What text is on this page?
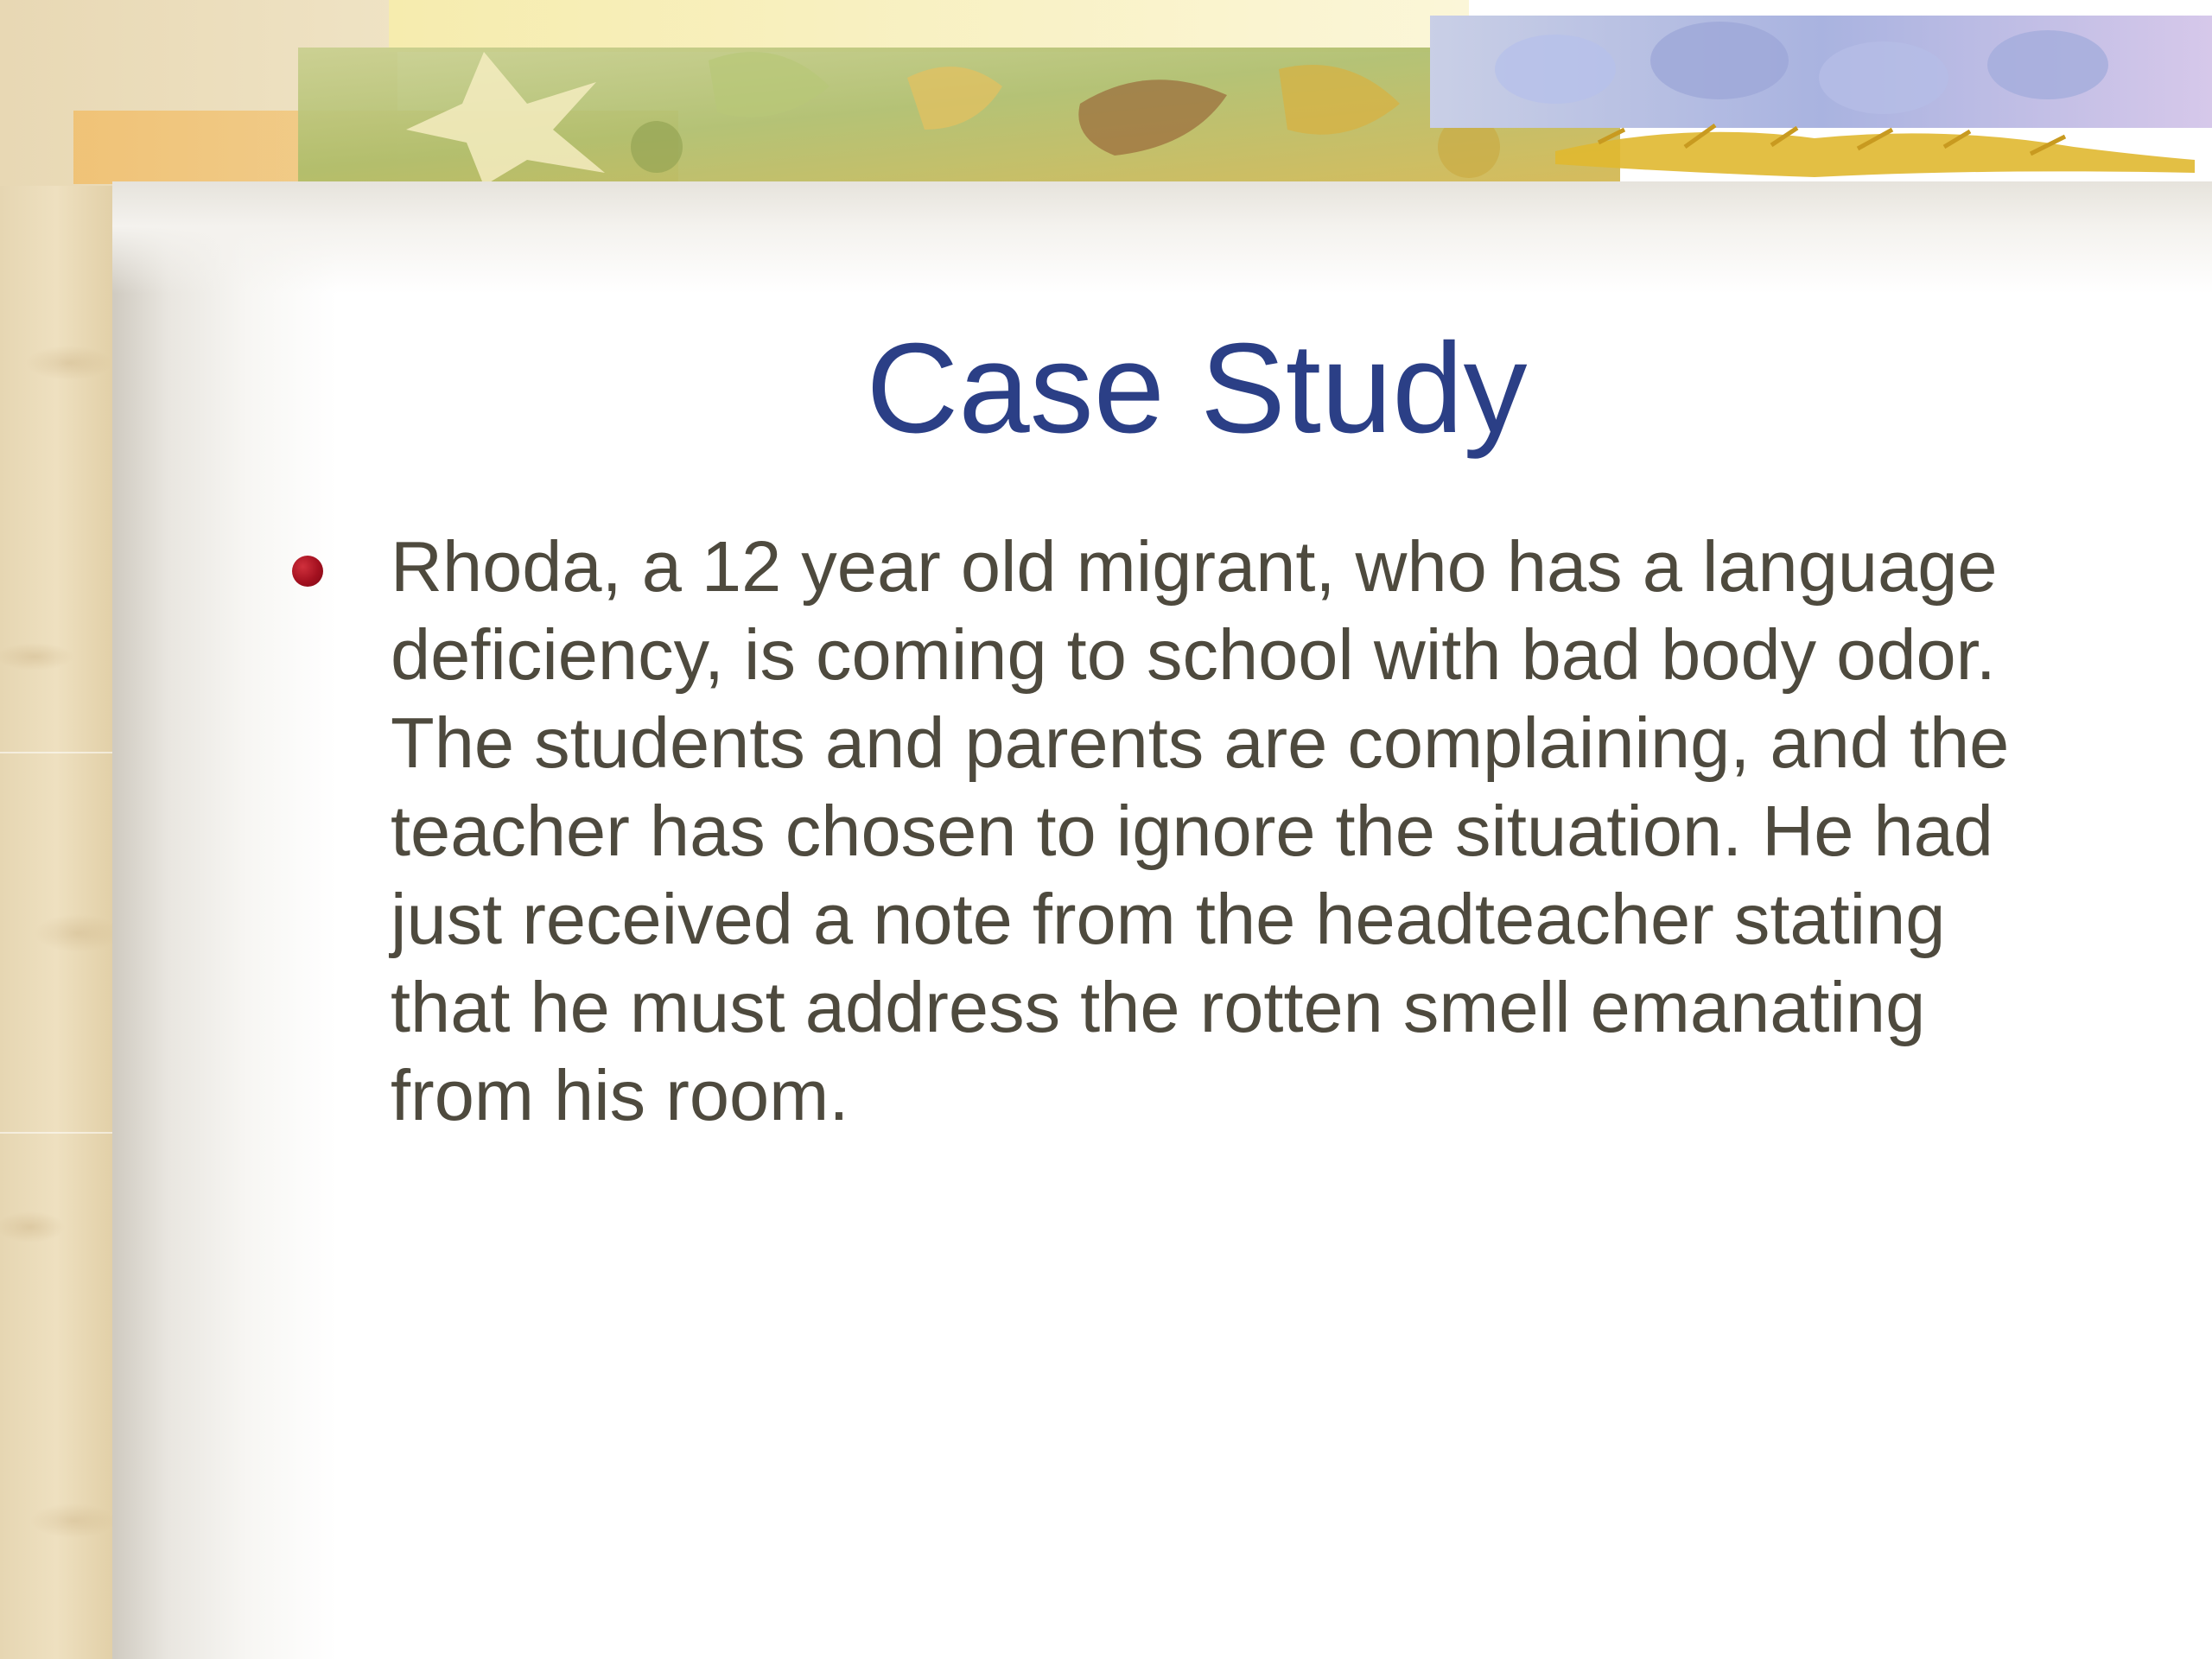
Case Study
Rhoda, a 12 year old migrant, who has a language
deficiency, is coming to school with bad body odor.
The students and parents are complaining, and the
teacher has chosen to ignore the situation. He had
just received a note from the headteacher stating
that he must address the rotten smell emanating
from his room.
